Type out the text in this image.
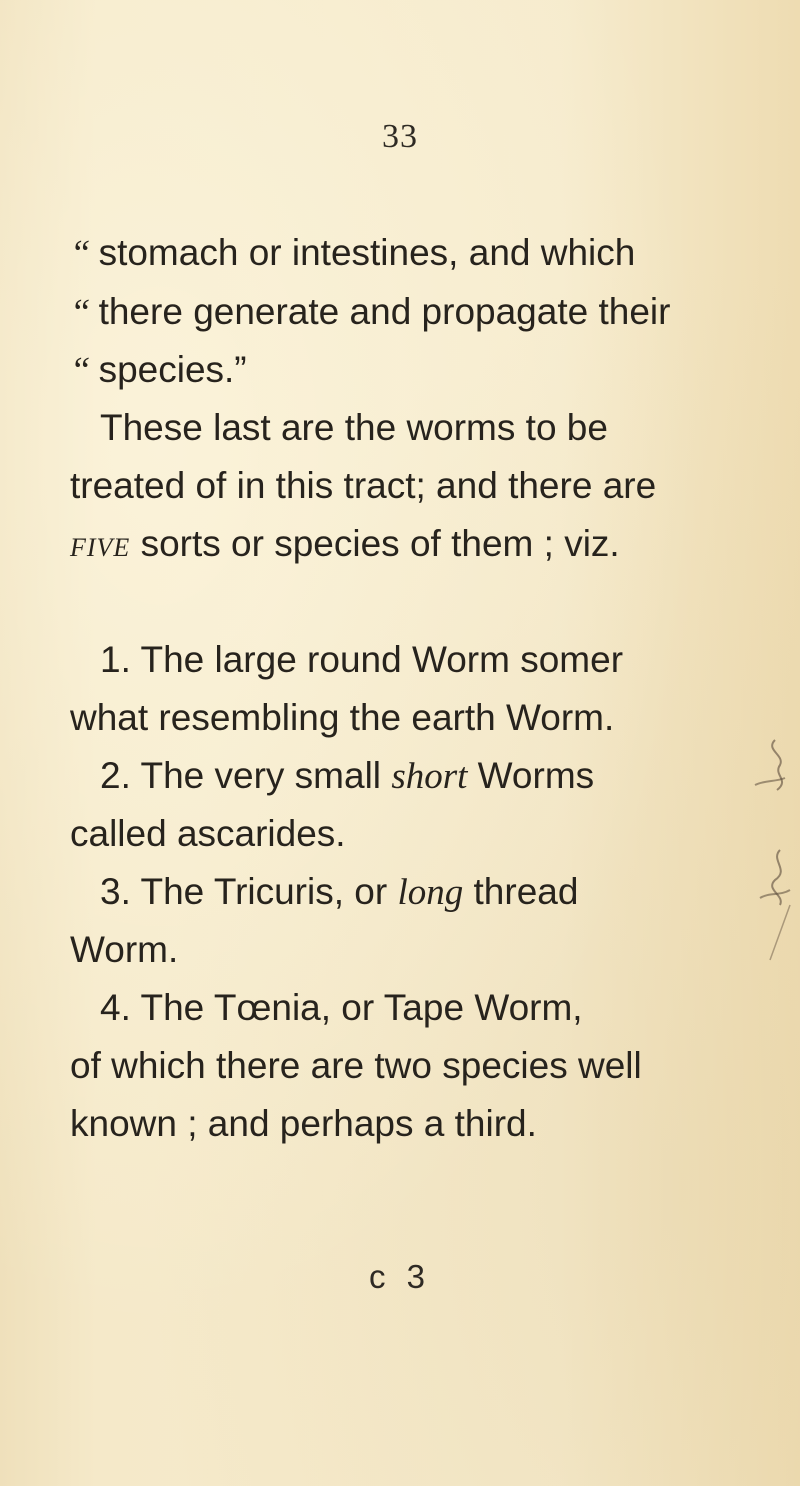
33
“ stomach or intestines, and which
“ there generate and propagate their
“ species.”
These last are the worms to be
treated of in this tract; and there are
five sorts or species of them ; viz.
1. The large round Worm somer
what resembling the earth Worm.
2. The very small short Worms
called ascarides.
3. The Tricuris, or long thread
Worm.
4. The Tœnia, or Tape Worm,
of which there are two species well
known ; and perhaps a third.
c 3
